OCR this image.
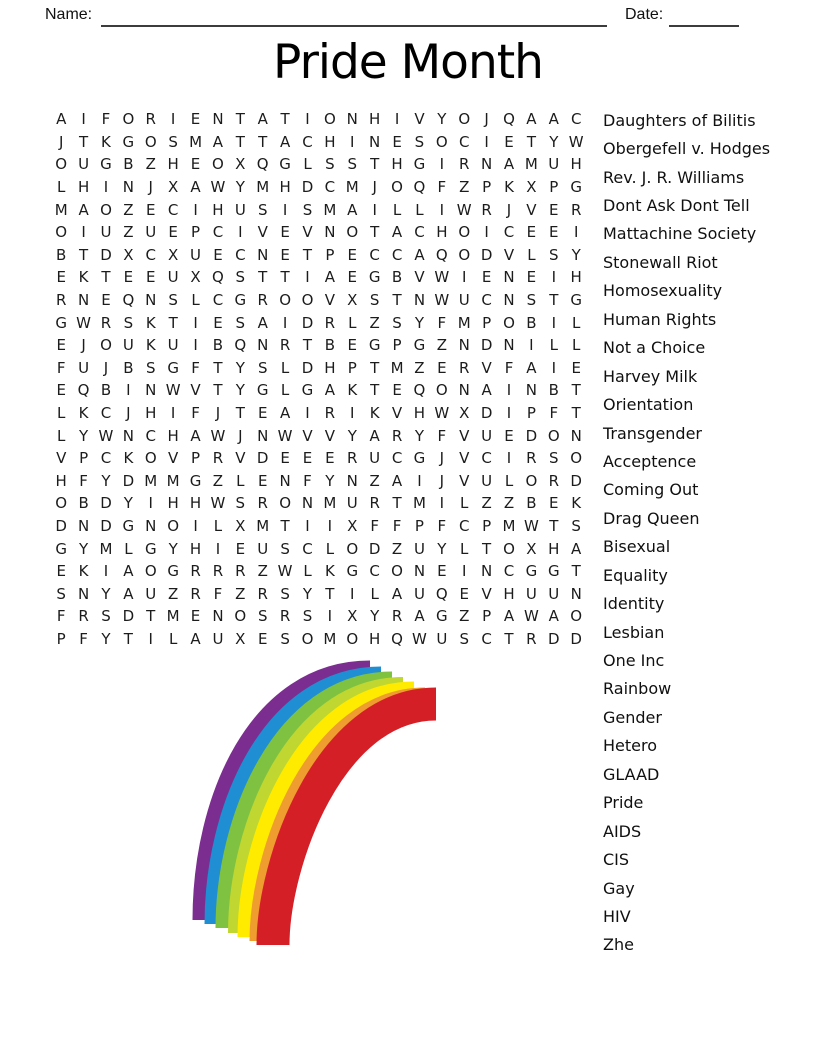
Name:	Date:
Pride Month
A	I	F O R I	E N T A T	I O N H I	V Y O J Q A A C
J	T K G O S M A T T A C H I N E S O C I	E T Y W
O U G B Z H E O X Q G L S S T H G I R N A M U H
L H I N J	X A W Y M H D C M J O Q F Z P K X P G
M A O Z E C I H U S	I	S M A	I	L L	I W R J	V E R
O I U Z U E P C I	V E V N O T A C H O I C E E	I
B T D X C X U E C N E T P E C C A Q O D V L S Y
E K T E E U X Q S T T	I	A E G B V W I	E N E	I H
R N E Q N S L C G R O O V X S T N W U C N S T G
G W R S K T	I	E S A	I D R L Z S Y F M P O B	I	L
E	J O U K U I	B Q N R T B E G P G Z N D N I	L L
F U J	B S G F T Y S L D H P T M Z E R V F A	I	E
E Q B	I N W V T Y G L G A K T E Q O N A	I N B T
L K C J H I	F	J	T E A	I R I	K V H W X D I	P F T
L Y W N C H A W J N W V V Y A R Y F V U E D O N
V P C K O V P R V D E E E R U C G J	V C I R S O
H F Y D M M G Z L E N F Y N Z A	I	J	V U L O R D
O B D Y	I H H W S R O N M U R T M I	L Z Z B E K
D N D G N O I	L X M T	I	I	X F F P F C P M W T S
G Y M L G Y H I	E U S C L O D Z U Y L T O X H A
E K	I	A O G R R R Z W L K G C O N E	I N C G G T
S N Y A U Z R F Z R S Y T	I	L A U Q E V H U U N
F R S D T M E N O S R S	I	X Y R A G Z P A W A O
P F Y T	I	L A U X E S O M O H Q W U S C T R D D
Daughters of Bilitis
Obergefell v. Hodges
Rev. J. R. Williams
Dont Ask Dont Tell
Mattachine Society
Stonewall Riot
Homosexuality
Human Rights
Not a Choice
Harvey Milk
Orientation
Transgender
Acceptence
Coming Out
Drag Queen
Bisexual
Equality
Identity
Lesbian
One Inc
Rainbow
Gender
Hetero
GLAAD
Pride
AIDS
CIS
Gay
HIV
Zhe
